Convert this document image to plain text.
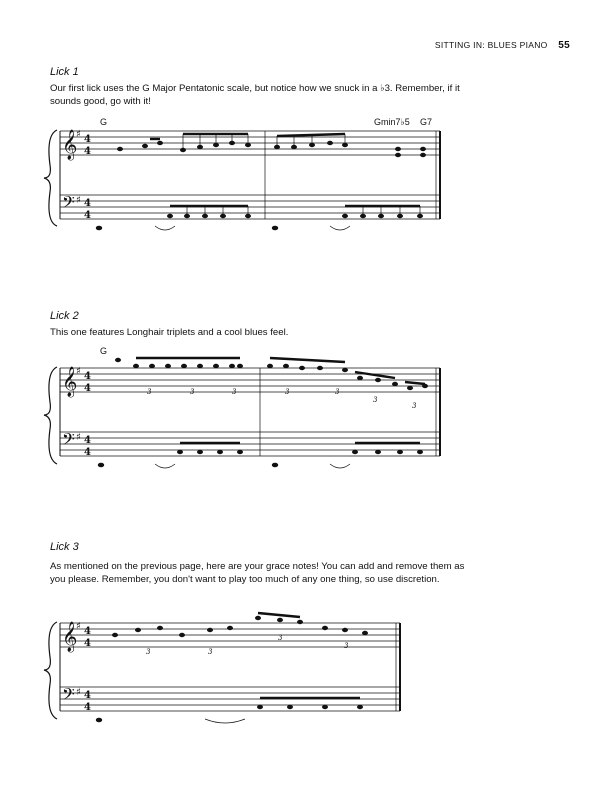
SITTING IN: BLUES PIANO 55
Lick 1
Our first lick uses the G Major Pentatonic scale, but notice how we snuck in a ♭3. Remember, if it sounds good, go with it!
G	Gmin7♭5 G7
𝄞
𝄢
♯
♯
4
4
4
4
𝄞
𝄢
♯
♯
4
4
4
4
3	3	3	3	3
3
3
𝄞
𝄢
♯
♯
4
4
4
4
3	3
3
3
Lick 2
This one features Longhair triplets and a cool blues feel.
G
Lick 3
As mentioned on the previous page, here are your grace notes! You can add and remove them as you please. Remember, you don't want to play too much of any one thing, so use discretion.
